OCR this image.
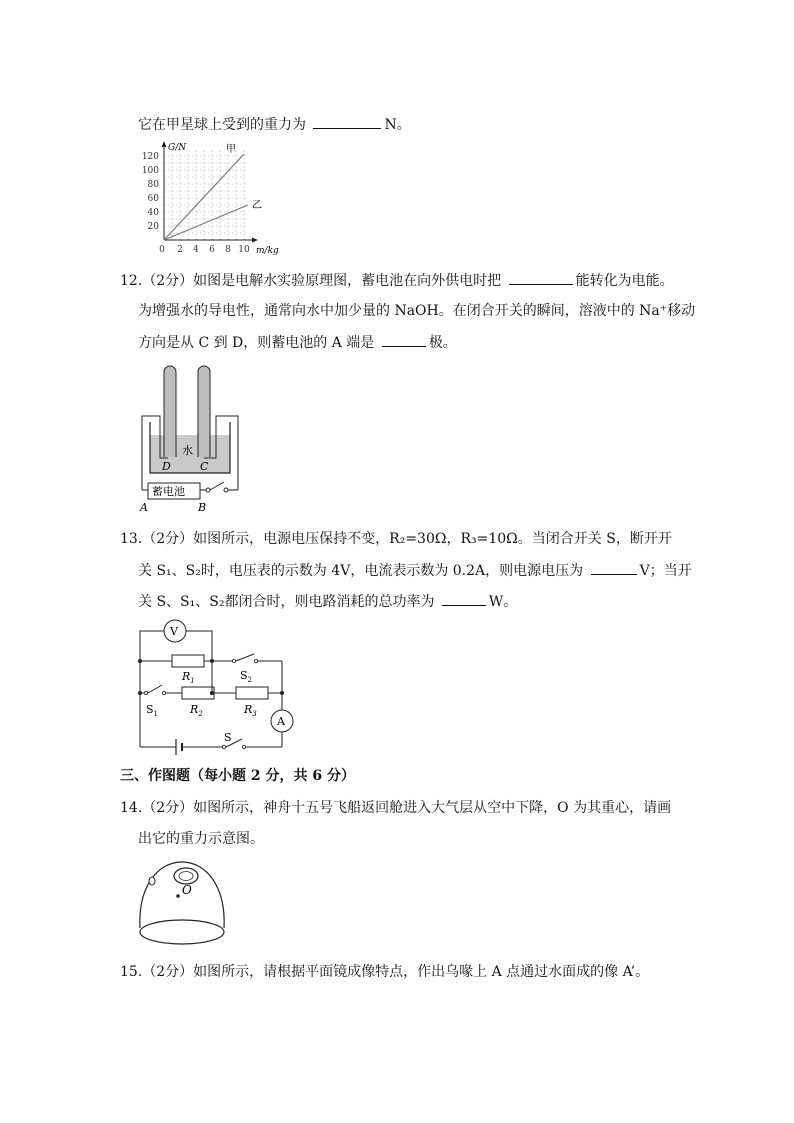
它在甲星球上受到的重力为	N。
G/N
120
100
80
60
40
20
0 2 4 6 8 10 m/kg
甲
乙
12.（2分）如图是电解水实验原理图，蓄电池在向外供电时把	能转化为电能。
为增强水的导电性，通常向水中加少量的 NaOH。在闭合开关的瞬间，溶液中的 Na⁺移动
方向是从 C 到 D，则蓄电池的 A 端是	极。
水
D	C
蓄电池
A	B
13.（2分）如图所示，电源电压保持不变，R₂=30Ω，R₃=10Ω。当闭合开关 S，断开开
关 S₁、S₂时，电压表的示数为 4V，电流表示数为 0.2A，则电源电压为	V；当开
关 S、S₁、S₂都闭合时，则电路消耗的总功率为	W。
V
A
$R_1$
$R_2$	$R_3$
$S_2$
$S_1$
S
三、作图题（每小题 2 分，共 6 分）
14.（2分）如图所示，神舟十五号飞船返回舱进入大气层从空中下降，O 为其重心，请画
出它的重力示意图。
O
15.（2分）如图所示，请根据平面镜成像特点，作出乌喙上 A 点通过水面成的像 A’。
